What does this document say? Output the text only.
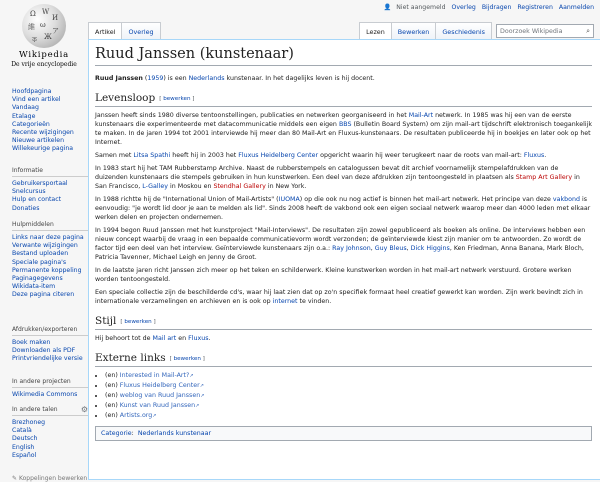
Ω W
И
維 ω
ア
ক Ж
Wikipedia
De vrije encyclopedie
Hoofdpagina
Vind een artikel
Vandaag
Etalage
Categorieën
Recente wijzigingen
Nieuwe artikelen
Willekeurige pagina
Informatie
Gebruikersportaal
Snelcursus
Hulp en contact
Donaties
Hulpmiddelen
Links naar deze pagina
Verwante wijzigingen
Bestand uploaden
Speciale pagina's
Permanente koppeling
Paginagegevens
Wikidata-item
Deze pagina citeren
Afdrukken/exporteren
Boek maken
Downloaden als PDF
Printvriendelijke versie
In andere projecten
Wikimedia Commons
In andere talen	⚙
Brezhoneg
Català
Deutsch
English
Español
✎ Koppelingen bewerken
👤 Niet aangemeld Overleg Bijdragen Registreren Aanmelden
Artikel	Overleg	Lezen	Bewerken	Geschiedenis	Doorzoek Wikipedia	⌕
Ruud Janssen (kunstenaar)

Ruud Janssen (1959) is een Nederlands kunstenaar. In het dagelijks leven is hij docent.

Levensloop [ bewerken ]

Janssen heeft sinds 1980 diverse tentoonstellingen, publicaties en netwerken georganiseerd in het Mail-Art netwerk. In 1985 was hij een van de eerste kunstenaars die experimenteerde met datacommunicatie middels een eigen BBS (Bulletin Board System) om zijn mail-art tijdschrift elektronisch toegankelijk te maken. In de jaren 1994 tot 2001 interviewde hij meer dan 80 Mail-Art en Fluxus-kunstenaars. De resultaten publiceerde hij in boekjes en later ook op het Internet.

Samen met Litsa Spathi heeft hij in 2003 het Fluxus Heidelberg Center opgericht waarin hij weer terugkeert naar de roots van mail-art: Fluxus.

In 1983 start hij het TAM Rubberstamp Archive. Naast de rubberstempels en catalogussen bevat dit archief voornamelijk stempelafdrukken van de duizenden kunstenaars die stempels gebruiken in hun kunstwerken. Een deel van deze afdrukken zijn tentoongesteld in plaatsen als Stamp Art Gallery in San Francisco, L-Galley in Moskou en Stendhal Gallery in New York.

In 1988 richtte hij de "International Union of Mail-Artists" (IUOMA) op die ook nu nog actief is binnen het mail-art netwerk. Het principe van deze vakbond is eenvoudig: "je wordt lid door je aan te melden als lid". Sinds 2008 heeft de vakbond ook een eigen sociaal netwerk waarop meer dan 4000 leden met elkaar werken delen en projecten ondernemen.

In 1994 begon Ruud Janssen met het kunstproject "Mail-Interviews". De resultaten zijn zowel gepubliceerd als boeken als online. De interviews hebben een nieuw concept waarbij de vraag in een bepaalde communicatievorm wordt verzonden; de geïnterviewde kiest zijn manier om te antwoorden. Zo wordt de factor tijd een deel van het interview. Geïnterviewde kunstenaars zijn o.a.: Ray Johnson, Guy Bleus, Dick Higgins, Ken Friedman, Anna Banana, Mark Bloch, Patricia Tavenner, Michael Leigh en Jenny de Groot.

In de laatste jaren richt Janssen zich meer op het teken en schilderwerk. Kleine kunstwerken worden in het mail-art netwerk verstuurd. Grotere werken worden tentoongesteld.

Een speciale collectie zijn de beschilderde cd's, waar hij laat zien dat op zo'n specifiek formaat heel creatief gewerkt kan worden. Zijn werk bevindt zich in internationale verzamelingen en archieven en is ook op internet te vinden.

Stijl [ bewerken ]

Hij behoort tot de Mail art en Fluxus.

Externe links [ bewerken ]
• (en) Interested in Mail-Art?↗
• (en) Fluxus Heidelberg Center↗
• (en) weblog van Ruud Janssen↗
• (en) Kunst van Ruud Janssen↗
• (en) Artists.org↗
Categorie: Nederlands kunstenaar
